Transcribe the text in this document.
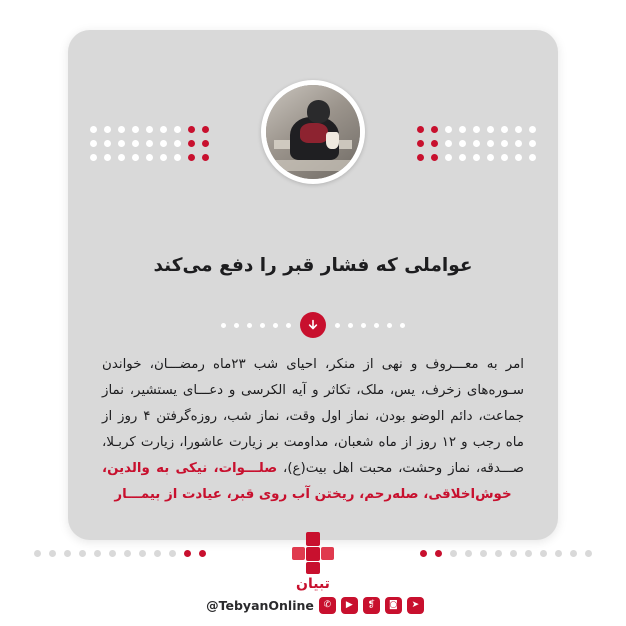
عواملی که فشار قبر را دفع می‌کند
امر به معـــروف و نهی از منکر، احیای شب ۲۳ماه رمضـــان، خواندن سـوره‌های زخرف، یس، ملک، تکاثر و آیه الکرسی و دعـــای یستشیر، نماز جماعت، دائم الوضو بودن، نماز اول وقت، نماز شب، روزه‌گرفتن ۴ روز از ماه رجب و ۱۲ روز از ماه شعبان، مداومت بر زیارت عاشورا، زیارت کربـلا، صـــدقه، نماز وحشت، محبت اهل بیت(ع)، صلـــوات، نیکی به والدین، خوش‌اخلاقی، صله‌رحم، ریختن آب روی قبر، عیادت از بیمـــار
تبیان
➤
◙
❡
▶
✆
@TebyanOnline
